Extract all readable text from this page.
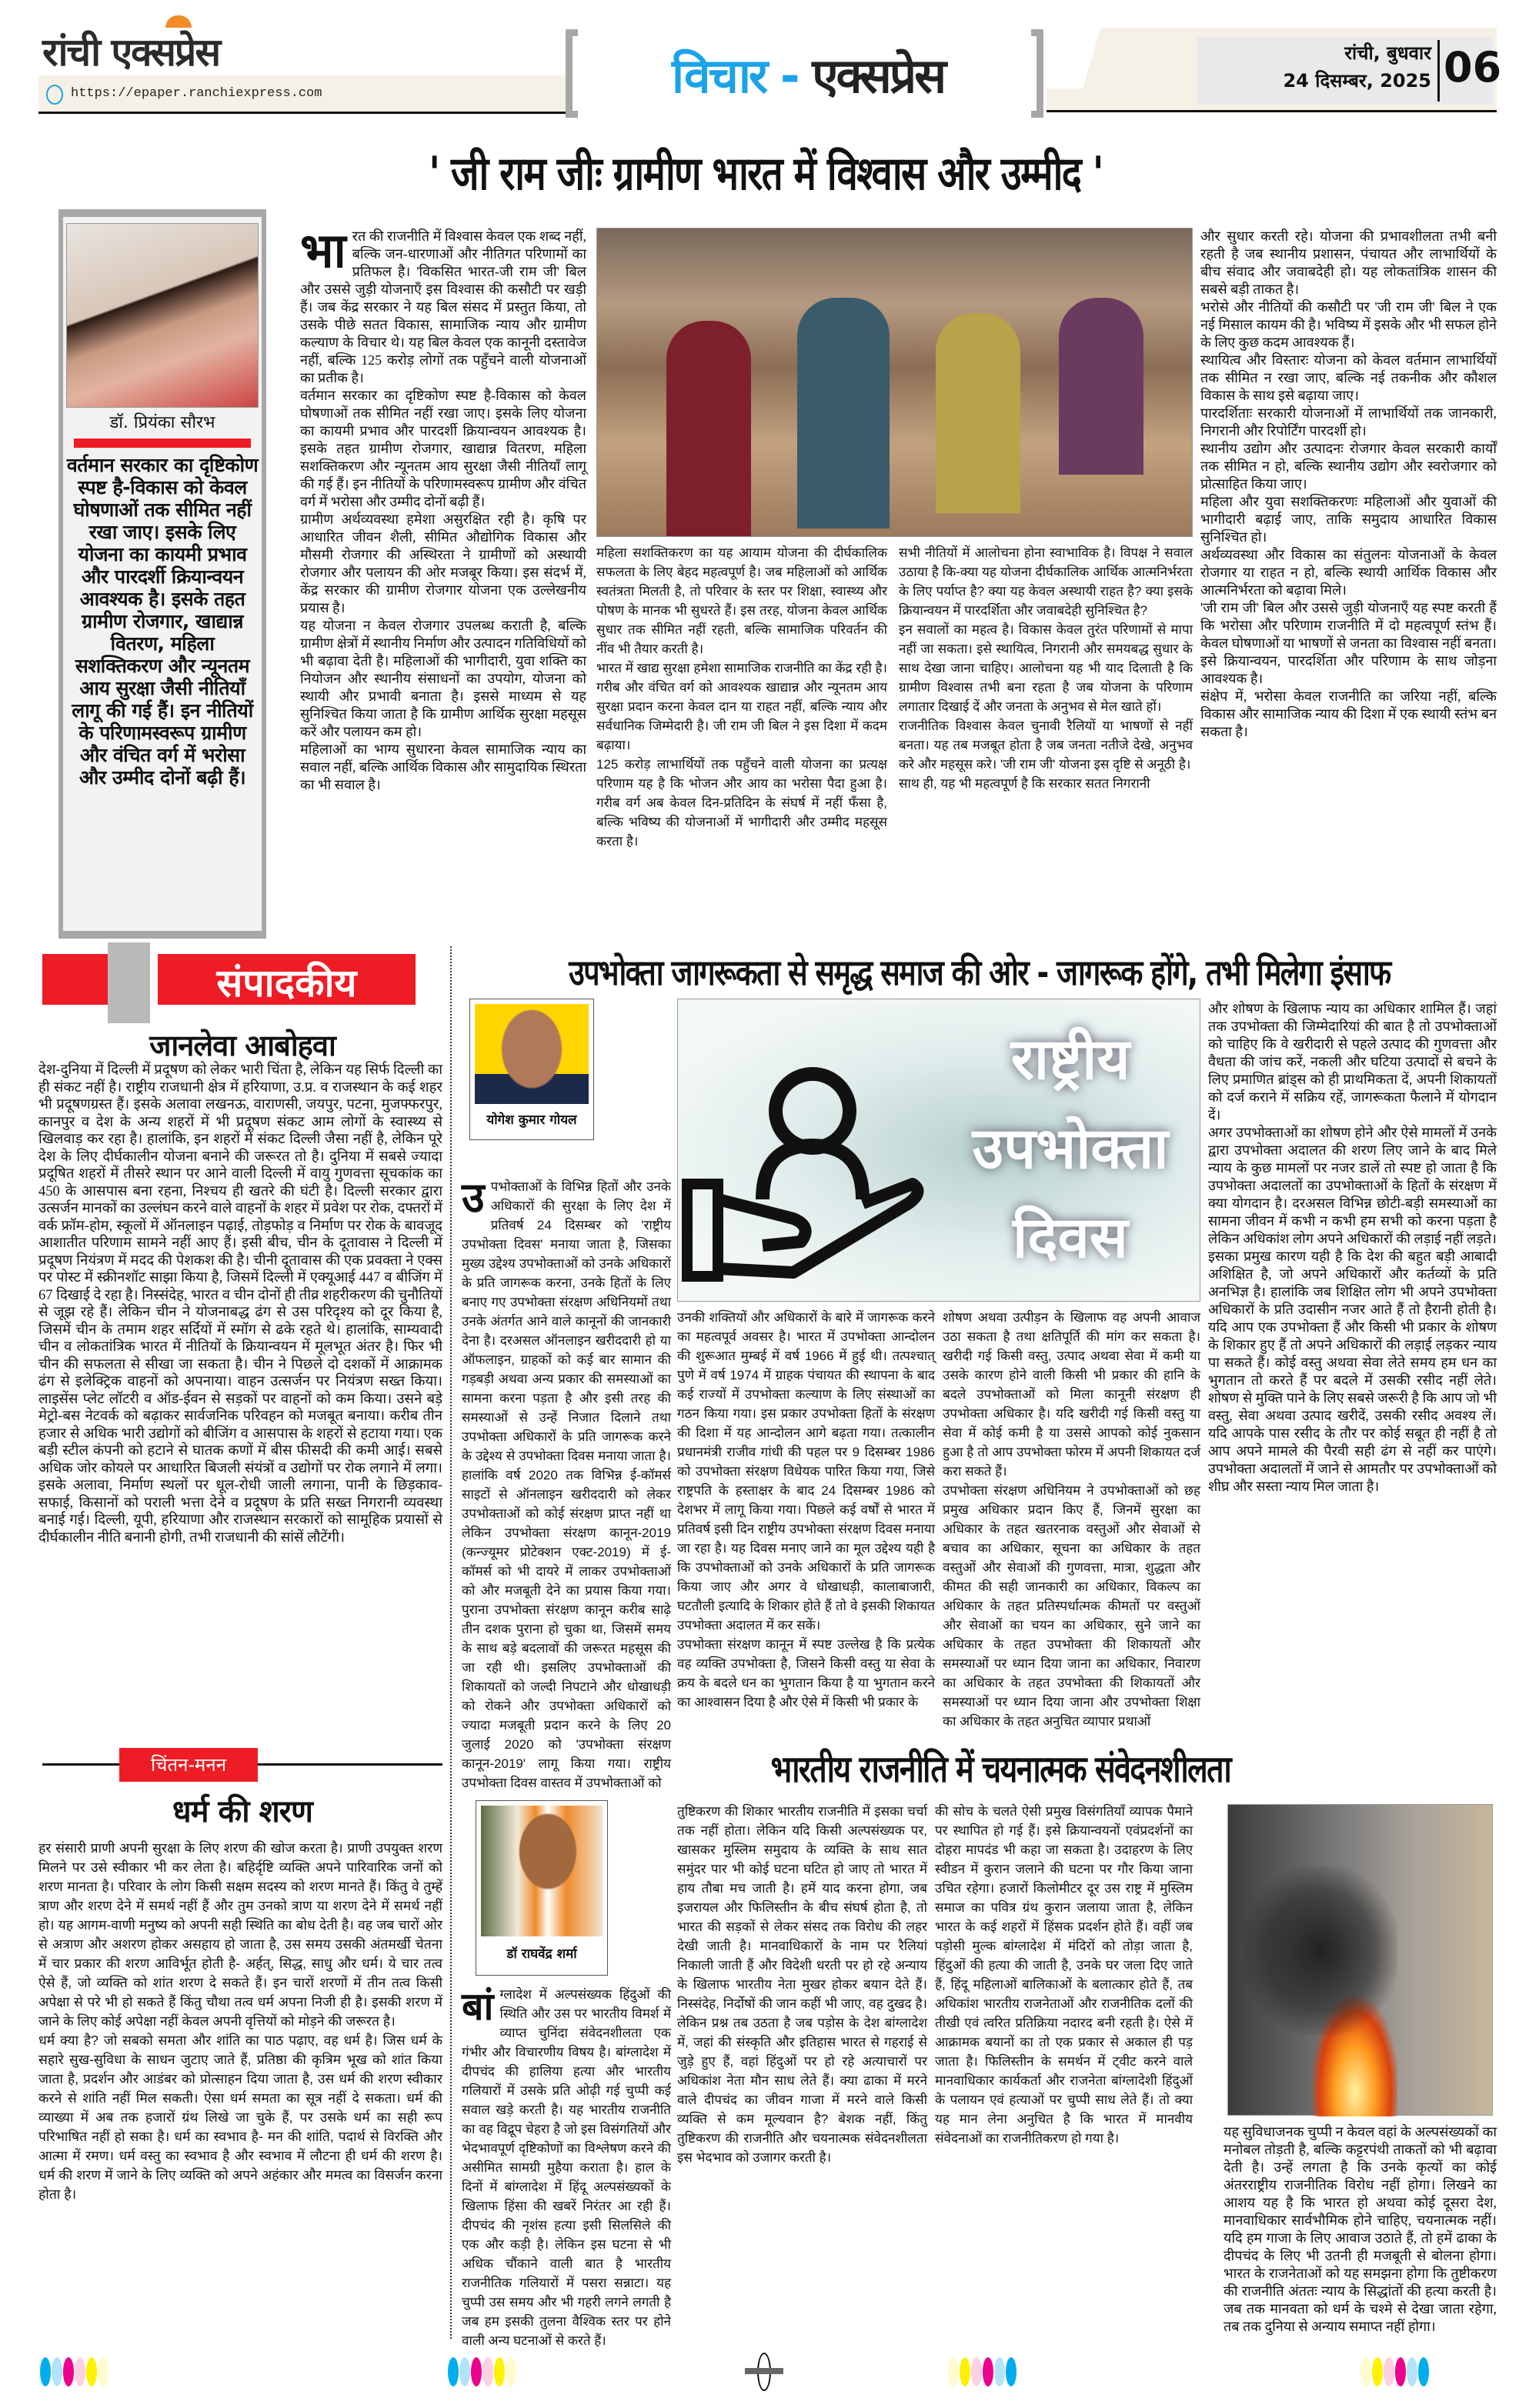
रांची एक्सप्रेस
https://epaper.ranchiexpress.com	विचार - एक्सप्रेस	रांची, बुधवार
24 दिसम्बर, 2025 06
' जी राम जीः ग्रामीण भारत में विश्वास और उम्मीद '
डॉ. प्रियंका सौरभ
वर्तमान सरकार का दृष्टिकोण स्पष्ट है-विकास को केवल घोषणाओं तक सीमित नहीं रखा जाए। इसके लिए योजना का कायमी प्रभाव और पारदर्शी क्रियान्वयन आवश्यक है। इसके तहत ग्रामीण रोजगार, खाद्यान्न वितरण, महिला सशक्तिकरण और न्यूनतम आय सुरक्षा जैसी नीतियाँ लागू की गई हैं। इन नीतियों के परिणामस्वरूप ग्रामीण और वंचित वर्ग में भरोसा और उम्मीद दोनों बढ़ी हैं।
भा रत की राजनीति में विश्वास केवल एक शब्द नहीं, बल्कि जन-धारणाओं और नीतिगत परिणामों का प्रतिफल है। 'विकसित भारत-जी राम जी' बिल और उससे जुड़ी योजनाएँ इस विश्वास की कसौटी पर खड़ी हैं। जब केंद्र सरकार ने यह बिल संसद में प्रस्तुत किया, तो उसके पीछे सतत विकास, सामाजिक न्याय और ग्रामीण कल्याण के विचार थे। यह बिल केवल एक कानूनी दस्तावेज नहीं, बल्कि 125 करोड़ लोगों तक पहुँचने वाली योजनाओं का प्रतीक है।

वर्तमान सरकार का दृष्टिकोण स्पष्ट है-विकास को केवल घोषणाओं तक सीमित नहीं रखा जाए। इसके लिए योजना का कायमी प्रभाव और पारदर्शी क्रियान्वयन आवश्यक है। इसके तहत ग्रामीण रोजगार, खाद्यान्न वितरण, महिला सशक्तिकरण और न्यूनतम आय सुरक्षा जैसी नीतियाँ लागू की गई हैं। इन नीतियों के परिणामस्वरूप ग्रामीण और वंचित वर्ग में भरोसा और उम्मीद दोनों बढ़ी हैं।

ग्रामीण अर्थव्यवस्था हमेशा असुरक्षित रही है। कृषि पर आधारित जीवन शैली, सीमित औद्योगिक विकास और मौसमी रोजगार की अस्थिरता ने ग्रामीणों को अस्थायी रोजगार और पलायन की ओर मजबूर किया। इस संदर्भ में, केंद्र सरकार की ग्रामीण रोजगार योजना एक उल्लेखनीय प्रयास है।

यह योजना न केवल रोजगार उपलब्ध कराती है, बल्कि ग्रामीण क्षेत्रों में स्थानीय निर्माण और उत्पादन गतिविधियों को भी बढ़ावा देती है। महिलाओं की भागीदारी, युवा शक्ति का नियोजन और स्थानीय संसाधनों का उपयोग, योजना को स्थायी और प्रभावी बनाता है। इससे माध्यम से यह सुनिश्चित किया जाता है कि ग्रामीण आर्थिक सुरक्षा महसूस करें और पलायन कम हो।

महिलाओं का भाग्य सुधारना केवल सामाजिक न्याय का सवाल नहीं, बल्कि आर्थिक विकास और सामुदायिक स्थिरता का भी सवाल है।

महिला सशक्तिकरण का यह आयाम योजना की दीर्घकालिक सफलता के लिए बेहद महत्वपूर्ण है। जब महिलाओं को आर्थिक स्वतंत्रता मिलती है, तो परिवार के स्तर पर शिक्षा, स्वास्थ्य और पोषण के मानक भी सुधरते हैं। इस तरह, योजना केवल आर्थिक सुधार तक सीमित नहीं रहती, बल्कि सामाजिक परिवर्तन की नींव भी तैयार करती है।

भारत में खाद्य सुरक्षा हमेशा सामाजिक राजनीति का केंद्र रही है। गरीब और वंचित वर्ग को आवश्यक खाद्यान्न और न्यूनतम आय सुरक्षा प्रदान करना केवल दान या राहत नहीं, बल्कि न्याय और सर्वधानिक जिम्मेदारी है। जी राम जी बिल ने इस दिशा में कदम बढ़ाया।

125 करोड़ लाभार्थियों तक पहुँचने वाली योजना का प्रत्यक्ष परिणाम यह है कि भोजन और आय का भरोसा पैदा हुआ है। गरीब वर्ग अब केवल दिन-प्रतिदिन के संघर्ष में नहीं फँसा है, बल्कि भविष्य की योजनाओं में भागीदारी और उम्मीद महसूस करता है।

सभी नीतियों में आलोचना होना स्वाभाविक है। विपक्ष ने सवाल उठाया है कि-क्या यह योजना दीर्घकालिक आर्थिक आत्मनिर्भरता के लिए पर्याप्त है? क्या यह केवल अस्थायी राहत है? क्या इसके क्रियान्वयन में पारदर्शिता और जवाबदेही सुनिश्चित है?

इन सवालों का महत्व है। विकास केवल तुरंत परिणामों से मापा नहीं जा सकता। इसे स्थायित्व, निगरानी और समयबद्ध सुधार के साथ देखा जाना चाहिए। आलोचना यह भी याद दिलाती है कि ग्रामीण विश्वास तभी बना रहता है जब योजना के परिणाम लगातार दिखाई दें और जनता के अनुभव से मेल खाते हों।

राजनीतिक विश्वास केवल चुनावी रैलियों या भाषणों से नहीं बनता। यह तब मजबूत होता है जब जनता नतीजे देखे, अनुभव करे और महसूस करे। 'जी राम जी' योजना इस दृष्टि से अनूठी है।

साथ ही, यह भी महत्वपूर्ण है कि सरकार सतत निगरानी

और सुधार करती रहे। योजना की प्रभावशीलता तभी बनी रहती है जब स्थानीय प्रशासन, पंचायत और लाभार्थियों के बीच संवाद और जवाबदेही हो। यह लोकतांत्रिक शासन की सबसे बड़ी ताकत है।

भरोसे और नीतियों की कसौटी पर 'जी राम जी' बिल ने एक नई मिसाल कायम की है। भविष्य में इसके और भी सफल होने के लिए कुछ कदम आवश्यक हैं।

स्थायित्व और विस्तारः योजना को केवल वर्तमान लाभार्थियों तक सीमित न रखा जाए, बल्कि नई तकनीक और कौशल विकास के साथ इसे बढ़ाया जाए।

पारदर्शिताः सरकारी योजनाओं में लाभार्थियों तक जानकारी, निगरानी और रिपोर्टिंग पारदर्शी हो।

स्थानीय उद्योग और उत्पादनः रोजगार केवल सरकारी कार्यों तक सीमित न हो, बल्कि स्थानीय उद्योग और स्वरोजगार को प्रोत्साहित किया जाए।

महिला और युवा सशक्तिकरणः महिलाओं और युवाओं की भागीदारी बढ़ाई जाए, ताकि समुदाय आधारित विकास सुनिश्चित हो।

अर्थव्यवस्था और विकास का संतुलनः योजनाओं के केवल रोजगार या राहत न हो, बल्कि स्थायी आर्थिक विकास और आत्मनिर्भरता को बढ़ावा मिले।

'जी राम जी' बिल और उससे जुड़ी योजनाएँ यह स्पष्ट करती हैं कि भरोसा और परिणाम राजनीति में दो महत्वपूर्ण स्तंभ हैं। केवल घोषणाओं या भाषणों से जनता का विश्वास नहीं बनता। इसे क्रियान्वयन, पारदर्शिता और परिणाम के साथ जोड़ना आवश्यक है।

संक्षेप में, भरोसा केवल राजनीति का जरिया नहीं, बल्कि विकास और सामाजिक न्याय की दिशा में एक स्थायी स्तंभ बन सकता है।

संपादकीय
जानलेवा आबोहवा

देश-दुनिया में दिल्ली में प्रदूषण को लेकर भारी चिंता है, लेकिन यह सिर्फ दिल्ली का ही संकट नहीं है। राष्ट्रीय राजधानी क्षेत्र में हरियाणा, उ.प्र. व राजस्थान के कई शहर भी प्रदूषणग्रस्त हैं। इसके अलावा लखनऊ, वाराणसी, जयपुर, पटना, मुजफ्फरपुर, कानपुर व देश के अन्य शहरों में भी प्रदूषण संकट आम लोगों के स्वास्थ्य से खिलवाड़ कर रहा है। हालांकि, इन शहरों में संकट दिल्ली जैसा नहीं है, लेकिन पूरे देश के लिए दीर्घकालीन योजना बनाने की जरूरत तो है। दुनिया में सबसे ज्यादा प्रदूषित शहरों में तीसरे स्थान पर आने वाली दिल्ली में वायु गुणवत्ता सूचकांक का 450 के आसपास बना रहना, निश्चय ही खतरे की घंटी है। दिल्ली सरकार द्वारा उत्सर्जन मानकों का उल्लंघन करने वाले वाहनों के शहर में प्रवेश पर रोक, दफ्तरों में वर्क फ्रॉम-होम, स्कूलों में ऑनलाइन पढ़ाई, तोड़फोड़ व निर्माण पर रोक के बावजूद आशातीत परिणाम सामने नहीं आए हैं। इसी बीच, चीन के दूतावास ने दिल्ली में प्रदूषण नियंत्रण में मदद की पेशकश की है। चीनी दूतावास की एक प्रवक्ता ने एक्स पर पोस्ट में स्क्रीनशॉट साझा किया है, जिसमें दिल्ली में एक्यूआई 447 व बीजिंग में 67 दिखाई दे रहा है। निस्संदेह, भारत व चीन दोनों ही तीव्र शहरीकरण की चुनौतियों से जूझ रहे हैं। लेकिन चीन ने योजनाबद्ध ढंग से उस परिदृश्य को दूर किया है, जिसमें चीन के तमाम शहर सर्दियों में स्मॉग से ढके रहते थे। हालांकि, साम्यवादी चीन व लोकतांत्रिक भारत में नीतियों के क्रियान्वयन में मूलभूत अंतर है। फिर भी चीन की सफलता से सीखा जा सकता है। चीन ने पिछले दो दशकों में आक्रामक ढंग से इलेक्ट्रिक वाहनों को अपनाया। वाहन उत्सर्जन पर नियंत्रण सख्त किया। लाइसेंस प्लेट लॉटरी व ऑड-ईवन से सड़कों पर वाहनों को कम किया। उसने बड़े मेट्रो-बस नेटवर्क को बढ़ाकर सार्वजनिक परिवहन को मजबूत बनाया। करीब तीन हजार से अधिक भारी उद्योगों को बीजिंग व आसपास के शहरों से हटाया गया। एक बड़ी स्टील कंपनी को हटाने से घातक कणों में बीस फीसदी की कमी आई। सबसे अधिक जोर कोयले पर आधारित बिजली संयंत्रों व उद्योगों पर रोक लगाने में लगा। इसके अलावा, निर्माण स्थलों पर धूल-रोधी जाली लगाना, पानी के छिड़काव-सफाई, किसानों को पराली भत्ता देने व प्रदूषण के प्रति सख्त निगरानी व्यवस्था बनाई गई। दिल्ली, यूपी, हरियाणा और राजस्थान सरकारों को सामूहिक प्रयासों से दीर्घकालीन नीति बनानी होगी, तभी राजधानी की सांसें लौटेंगी।

चिंतन-मनन
धर्म की शरण

हर संसारी प्राणी अपनी सुरक्षा के लिए शरण की खोज करता है। प्राणी उपयुक्त शरण मिलने पर उसे स्वीकार भी कर लेता है। बहिर्दृष्टि व्यक्ति अपने पारिवारिक जनों को शरण मानता है। परिवार के लोग किसी सक्षम सदस्य को शरण मानते हैं। किंतु वे तुम्हें त्राण और शरण देने में समर्थ नहीं हैं और तुम उनको त्राण या शरण देने में समर्थ नहीं हो। यह आगम-वाणी मनुष्य को अपनी सही स्थिति का बोध देती है। वह जब चारों ओर से अत्राण और अशरण होकर असहाय हो जाता है, उस समय उसकी अंतमर्खी चेतना में चार प्रकार की शरण आविर्भूत होती है- अर्हत्, सिद्ध, साधु और धर्म। ये चार तत्व ऐसे हैं, जो व्यक्ति को शांत शरण दे सकते हैं। इन चारों शरणों में तीन तत्व किसी अपेक्षा से परे भी हो सकते हैं किंतु चौथा तत्व धर्म अपना निजी ही है। इसकी शरण में जाने के लिए कोई अपेक्षा नहीं केवल अपनी वृत्तियों को मोड़ने की जरूरत है।

धर्म क्या है? जो सबको समता और शांति का पाठ पढ़ाए, वह धर्म है। जिस धर्म के सहारे सुख-सुविधा के साधन जुटाए जाते हैं, प्रतिष्ठा की कृत्रिम भूख को शांत किया जाता है, प्रदर्शन और आडंबर को प्रोत्साहन दिया जाता है, उस धर्म की शरण स्वीकार करने से शांति नहीं मिल सकती। ऐसा धर्म समता का सूत्र नहीं दे सकता। धर्म की व्याख्या में अब तक हजारों ग्रंथ लिखे जा चुके हैं, पर उसके धर्म का सही रूप परिभाषित नहीं हो सका है। धर्म का स्वभाव है- मन की शांति, पदार्थ से विरक्ति और आत्मा में रमण। धर्म वस्तु का स्वभाव है और स्वभाव में लौटना ही धर्म की शरण है। धर्म की शरण में जाने के लिए व्यक्ति को अपने अहंकार और ममत्व का विसर्जन करना होता है।

उपभोक्ता जागरूकता से समृद्ध समाज की ओर - जागरूक होंगे, तभी मिलेगा इंसाफ
योगेश कुमार गोयल
उ पभोक्ताओं के विभिन्न हितों और उनके अधिकारों की सुरक्षा के लिए देश में प्रतिवर्ष 24 दिसम्बर को 'राष्ट्रीय उपभोक्ता दिवस' मनाया जाता है, जिसका मुख्य उद्देश्य उपभोक्ताओं को उनके अधिकारों के प्रति जागरूक करना, उनके हितों के लिए बनाए गए उपभोक्ता संरक्षण अधिनियमों तथा उनके अंतर्गत आने वाले कानूनों की जानकारी देना है। दरअसल ऑनलाइन खरीददारी हो या ऑफलाइन, ग्राहकों को कई बार सामान की गड़बड़ी अथवा अन्य प्रकार की समस्याओं का सामना करना पड़ता है और इसी तरह की समस्याओं से उन्हें निजात दिलाने तथा उपभोक्ता अधिकारों के प्रति जागरूक करने के उद्देश्य से उपभोक्ता दिवस मनाया जाता है। हालांकि वर्ष 2020 तक विभिन्न ई-कॉमर्स साइटों से ऑनलाइन खरीददारी को लेकर उपभोक्ताओं को कोई संरक्षण प्राप्त नहीं था लेकिन उपभोक्ता संरक्षण कानून-2019 (कन्ज्यूमर प्रोटेक्शन एक्ट-2019) में ई-कॉमर्स को भी दायरे में लाकर उपभोक्ताओं को और मजबूती देने का प्रयास किया गया। पुराना उपभोक्ता संरक्षण कानून करीब साढ़े तीन दशक पुराना हो चुका था, जिसमें समय के साथ बड़े बदलावों की जरूरत महसूस की जा रही थी। इसलिए उपभोक्ताओं की शिकायतों को जल्दी निपटाने और धोखाधड़ी को रोकने और उपभोक्ता अधिकारों को ज्यादा मजबूती प्रदान करने के लिए 20 जुलाई 2020 को 'उपभोक्ता संरक्षण कानून-2019' लागू किया गया। राष्ट्रीय उपभोक्ता दिवस वास्तव में उपभोक्ताओं को

राष्ट्रीय
उपभोक्ता
दिवस

उनकी शक्तियों और अधिकारों के बारे में जागरूक करने का महत्वपूर्व अवसर है। भारत में उपभोक्ता आन्दोलन की शुरूआत मुम्बई में वर्ष 1966 में हुई थी। तत्पश्चात् पुणे में वर्ष 1974 में ग्राहक पंचायत की स्थापना के बाद कई राज्यों में उपभोक्ता कल्याण के लिए संस्थाओं का गठन किया गया। इस प्रकार उपभोक्ता हितों के संरक्षण की दिशा में यह आन्दोलन आगे बढ़ता गया। तत्कालीन प्रधानमंत्री राजीव गांधी की पहल पर 9 दिसम्बर 1986 को उपभोक्ता संरक्षण विधेयक पारित किया गया, जिसे राष्ट्रपति के हस्ताक्षर के बाद 24 दिसम्बर 1986 को देशभर में लागू किया गया। पिछले कई वर्षों से भारत में प्रतिवर्ष इसी दिन राष्ट्रीय उपभोक्ता संरक्षण दिवस मनाया जा रहा है। यह दिवस मनाए जाने का मूल उद्देश्य यही है कि उपभोक्ताओं को उनके अधिकारों के प्रति जागरूक किया जाए और अगर वे धोखाधड़ी, कालाबाजारी, घटतौली इत्यादि के शिकार होते हैं तो वे इसकी शिकायत उपभोक्ता अदालत में कर सकें।

उपभोक्ता संरक्षण कानून में स्पष्ट उल्लेख है कि प्रत्येक वह व्यक्ति उपभोक्ता है, जिसने किसी वस्तु या सेवा के क्रय के बदले धन का भुगतान किया है या भुगतान करने का आश्वासन दिया है और ऐसे में किसी भी प्रकार के

शोषण अथवा उत्पीड़न के खिलाफ वह अपनी आवाज उठा सकता है तथा क्षतिपूर्ति की मांग कर सकता है। खरीदी गई किसी वस्तु, उत्पाद अथवा सेवा में कमी या उसके कारण होने वाली किसी भी प्रकार की हानि के बदले उपभोक्ताओं को मिला कानूनी संरक्षण ही उपभोक्ता अधिकार है। यदि खरीदी गई किसी वस्तु या सेवा में कोई कमी है या उससे आपको कोई नुकसान हुआ है तो आप उपभोक्ता फोरम में अपनी शिकायत दर्ज करा सकते हैं।

उपभोक्ता संरक्षण अधिनियम ने उपभोक्ताओं को छह प्रमुख अधिकार प्रदान किए हैं, जिनमें सुरक्षा का अधिकार के तहत खतरनाक वस्तुओं और सेवाओं से बचाव का अधिकार, सूचना का अधिकार के तहत वस्तुओं और सेवाओं की गुणवत्ता, मात्रा, शुद्धता और कीमत की सही जानकारी का अधिकार, विकल्प का अधिकार के तहत प्रतिस्पर्धात्मक कीमतों पर वस्तुओं और सेवाओं का चयन का अधिकार, सुने जाने का अधिकार के तहत उपभोक्ता की शिकायतों और समस्याओं पर ध्यान दिया जाना का अधिकार, निवारण का अधिकार के तहत उपभोक्ता की शिकायतों और समस्याओं पर ध्यान दिया जाना और उपभोक्ता शिक्षा का अधिकार के तहत अनुचित व्यापार प्रथाओं

और शोषण के खिलाफ न्याय का अधिकार शामिल हैं। जहां तक उपभोक्ता की जिम्मेदारियां की बात है तो उपभोक्ताओं को चाहिए कि वे खरीदारी से पहले उत्पाद की गुणवत्ता और वैधता की जांच करें, नकली और घटिया उत्पादों से बचने के लिए प्रमाणित ब्रांड्स को ही प्राथमिकता दें, अपनी शिकायतों को दर्ज कराने में सक्रिय रहें, जागरूकता फैलाने में योगदान दें।

अगर उपभोक्ताओं का शोषण होने और ऐसे मामलों में उनके द्वारा उपभोक्ता अदालत की शरण लिए जाने के बाद मिले न्याय के कुछ मामलों पर नजर डालें तो स्पष्ट हो जाता है कि उपभोक्ता अदालतों का उपभोक्ताओं के हितों के संरक्षण में क्या योगदान है। दरअसल विभिन्न छोटी-बड़ी समस्याओं का सामना जीवन में कभी न कभी हम सभी को करना पड़ता है लेकिन अधिकांश लोग अपने अधिकारों की लड़ाई नहीं लड़ते। इसका प्रमुख कारण यही है कि देश की बहुत बड़ी आबादी अशिक्षित है, जो अपने अधिकारों और कर्तव्यों के प्रति अनभिज्ञ है। हालांकि जब शिक्षित लोग भी अपने उपभोक्ता अधिकारों के प्रति उदासीन नजर आते हैं तो हैरानी होती है। यदि आप एक उपभोक्ता हैं और किसी भी प्रकार के शोषण के शिकार हुए हैं तो अपने अधिकारों की लड़ाई लड़कर न्याय पा सकते हैं। कोई वस्तु अथवा सेवा लेते समय हम धन का भुगतान तो करते हैं पर बदले में उसकी रसीद नहीं लेते। शोषण से मुक्ति पाने के लिए सबसे जरूरी है कि आप जो भी वस्तु, सेवा अथवा उत्पाद खरीदें, उसकी रसीद अवश्य लें। यदि आपके पास रसीद के तौर पर कोई सबूत ही नहीं है तो आप अपने मामले की पैरवी सही ढंग से नहीं कर पाएंगे। उपभोक्ता अदालतों में जाने से आमतौर पर उपभोक्ताओं को शीघ्र और सस्ता न्याय मिल जाता है।

भारतीय राजनीति में चयनात्मक संवेदनशीलता
डॉ राघवेंद्र शर्मा
बां ग्लादेश में अल्पसंख्यक हिंदुओं की स्थिति और उस पर भारतीय विमर्श में व्याप्त चुनिंदा संवेदनशीलता एक गंभीर और विचारणीय विषय है। बांग्लादेश में दीपचंद की हालिया हत्या और भारतीय गलियारों में उसके प्रति ओढ़ी गई चुप्पी कई सवाल खड़े करती है। यह भारतीय राजनीति का वह विद्रूप चेहरा है जो इस विसंगतियों और भेदभावपूर्ण दृष्टिकोणों का विश्लेषण करने की असीमित सामग्री मुहैया कराता है। हाल के दिनों में बांग्लादेश में हिंदू अल्पसंख्यकों के खिलाफ हिंसा की खबरें निरंतर आ रही हैं। दीपचंद की नृशंस हत्या इसी सिलसिले की एक और कड़ी है। लेकिन इस घटना से भी अधिक चौंकाने वाली बात है भारतीय राजनीतिक गलियारों में पसरा सन्नाटा। यह चुप्पी उस समय और भी गहरी लगने लगती है जब हम इसकी तुलना वैश्विक स्तर पर होने वाली अन्य घटनाओं से करते हैं।

तुष्टिकरण की शिकार भारतीय राजनीति में इसका चर्चा तक नहीं होता। लेकिन यदि किसी अल्पसंख्यक पर, खासकर मुस्लिम समुदाय के व्यक्ति के साथ सात समुंदर पार भी कोई घटना घटित हो जाए तो भारत में हाय तौबा मच जाती है। हमें याद करना होगा, जब इजरायल और फिलिस्तीन के बीच संघर्ष होता है, तो भारत की सड़कों से लेकर संसद तक विरोध की लहर देखी जाती है। मानवाधिकारों के नाम पर रैलियां निकाली जाती हैं और विदेशी धरती पर हो रहे अन्याय के खिलाफ भारतीय नेता मुखर होकर बयान देते हैं। निस्संदेह, निर्दोषों की जान कहीं भी जाए, वह दुखद है। लेकिन प्रश्न तब उठता है जब पड़ोस के देश बांग्लादेश में, जहां की संस्कृति और इतिहास भारत से गहराई से जुड़े हुए हैं, वहां हिंदुओं पर हो रहे अत्याचारों पर अधिकांश नेता मौन साध लेते हैं। क्या ढाका में मरने वाले दीपचंद का जीवन गाजा में मरने वाले किसी व्यक्ति से कम मूल्यवान है? बेशक नहीं, किंतु तुष्टिकरण की राजनीति और चयनात्मक संवेदनशीलता इस भेदभाव को उजागर करती है।

की सोच के चलते ऐसी प्रमुख विसंगतियाँ व्यापक पैमाने पर स्थापित हो गई हैं। इसे क्रियान्वयनों एवंप्रदर्शनों का दोहरा मापदंड भी कहा जा सकता है। उदाहरण के लिए स्वीडन में कुरान जलाने की घटना पर गौर किया जाना उचित रहेगा। हजारों किलोमीटर दूर उस राष्ट्र में मुस्लिम समाज का पवित्र ग्रंथ कुरान जलाया जाता है, लेकिन भारत के कई शहरों में हिंसक प्रदर्शन होते हैं। वहीं जब पड़ोसी मुल्क बांग्लादेश में मंदिरों को तोड़ा जाता है, हिंदुओं की हत्या की जाती है, उनके घर जला दिए जाते हैं, हिंदू महिलाओं बालिकाओं के बलात्कार होते हैं, तब अधिकांश भारतीय राजनेताओं और राजनीतिक दलों की तीखी एवं त्वरित प्रतिक्रिया नदारद बनी रहती है। ऐसे में आक्रामक बयानों का तो एक प्रकार से अकाल ही पड़ जाता है। फिलिस्तीन के समर्थन में ट्वीट करने वाले मानवाधिकार कार्यकर्ता और राजनेता बांग्लादेशी हिंदुओं के पलायन एवं हत्याओं पर चुप्पी साध लेते हैं। तो क्या यह मान लेना अनुचित है कि भारत में मानवीय संवेदनाओं का राजनीतिकरण हो गया है।	यह सुविधाजनक चुप्पी न केवल वहां के अल्पसंख्यकों का मनोबल तोड़ती है, बल्कि कट्टरपंथी ताकतों को भी बढ़ावा देती है। उन्हें लगता है कि उनके कृत्यों का कोई अंतरराष्ट्रीय राजनीतिक विरोध नहीं होगा। लिखने का आशय यह है कि भारत हो अथवा कोई दूसरा देश, मानवाधिकार सार्वभौमिक होने चाहिए, चयनात्मक नहीं। यदि हम गाजा के लिए आवाज उठाते हैं, तो हमें ढाका के दीपचंद के लिए भी उतनी ही मजबूती से बोलना होगा। भारत के राजनेताओं को यह समझना होगा कि तुष्टीकरण की राजनीति अंततः न्याय के सिद्धांतों की हत्या करती है। जब तक मानवता को धर्म के चश्मे से देखा जाता रहेगा, तब तक दुनिया से अन्याय समाप्त नहीं होगा।
